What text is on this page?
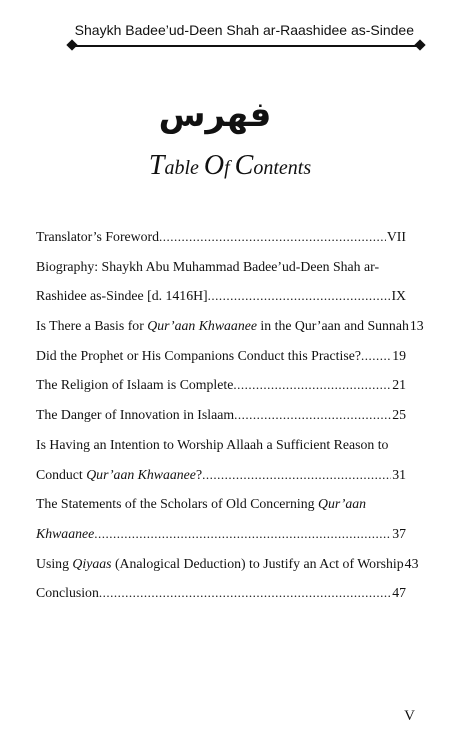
Shaykh Badee’ud-Deen Shah ar-Raashidee as-Sindee
فهرس
Table Of Contents
Translator’s Foreword .....	VII
Biography: Shaykh Abu Muhammad Badee’ud-Deen Shah ar-
Rashidee as-Sindee [d. 1416H] .....	IX
Is There a Basis for Qur’aan Khwaanee in the Qur’aan and Sunnah 13
Did the Prophet or His Companions Conduct this Practise? ..... 19
The Religion of Islaam is Complete .....	21
The Danger of Innovation in Islaam .....	25
Is Having an Intention to Worship Allaah a Sufficient Reason to
Conduct Qur’aan Khwaanee? .....	31
The Statements of the Scholars of Old Concerning Qur’aan
Khwaanee .....	37
Using Qiyaas (Analogical Deduction) to Justify an Act of Worship 43
Conclusion .....	47
V
